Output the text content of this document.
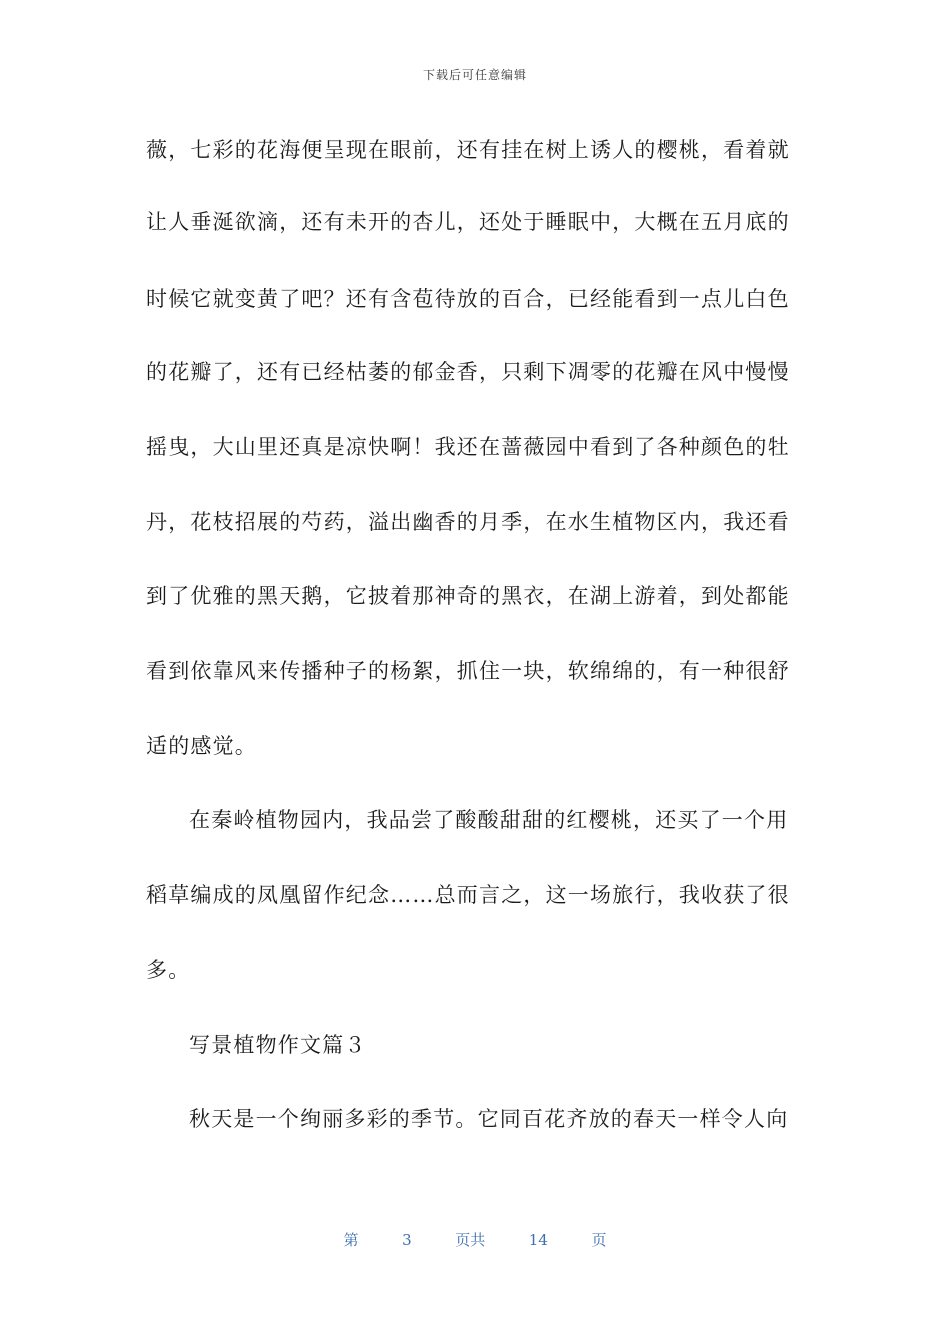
下载后可任意编辑
薇，七彩的花海便呈现在眼前，还有挂在树上诱人的樱桃，看着就
让人垂涎欲滴，还有未开的杏儿，还处于睡眠中，大概在五月底的
时候它就变黄了吧？还有含苞待放的百合，已经能看到一点儿白色
的花瓣了，还有已经枯萎的郁金香，只剩下凋零的花瓣在风中慢慢
摇曳，大山里还真是凉快啊！我还在蔷薇园中看到了各种颜色的牡
丹，花枝招展的芍药，溢出幽香的月季，在水生植物区内，我还看
到了优雅的黑天鹅，它披着那神奇的黑衣，在湖上游着，到处都能
看到依靠风来传播种子的杨絮，抓住一块，软绵绵的，有一种很舒
适的感觉。
在秦岭植物园内，我品尝了酸酸甜甜的红樱桃，还买了一个用
稻草编成的凤凰留作纪念……总而言之，这一场旅行，我收获了很
多。
写景植物作文篇３
秋天是一个绚丽多彩的季节。它同百花齐放的春天一样令人向
第	3	页共	14	页
